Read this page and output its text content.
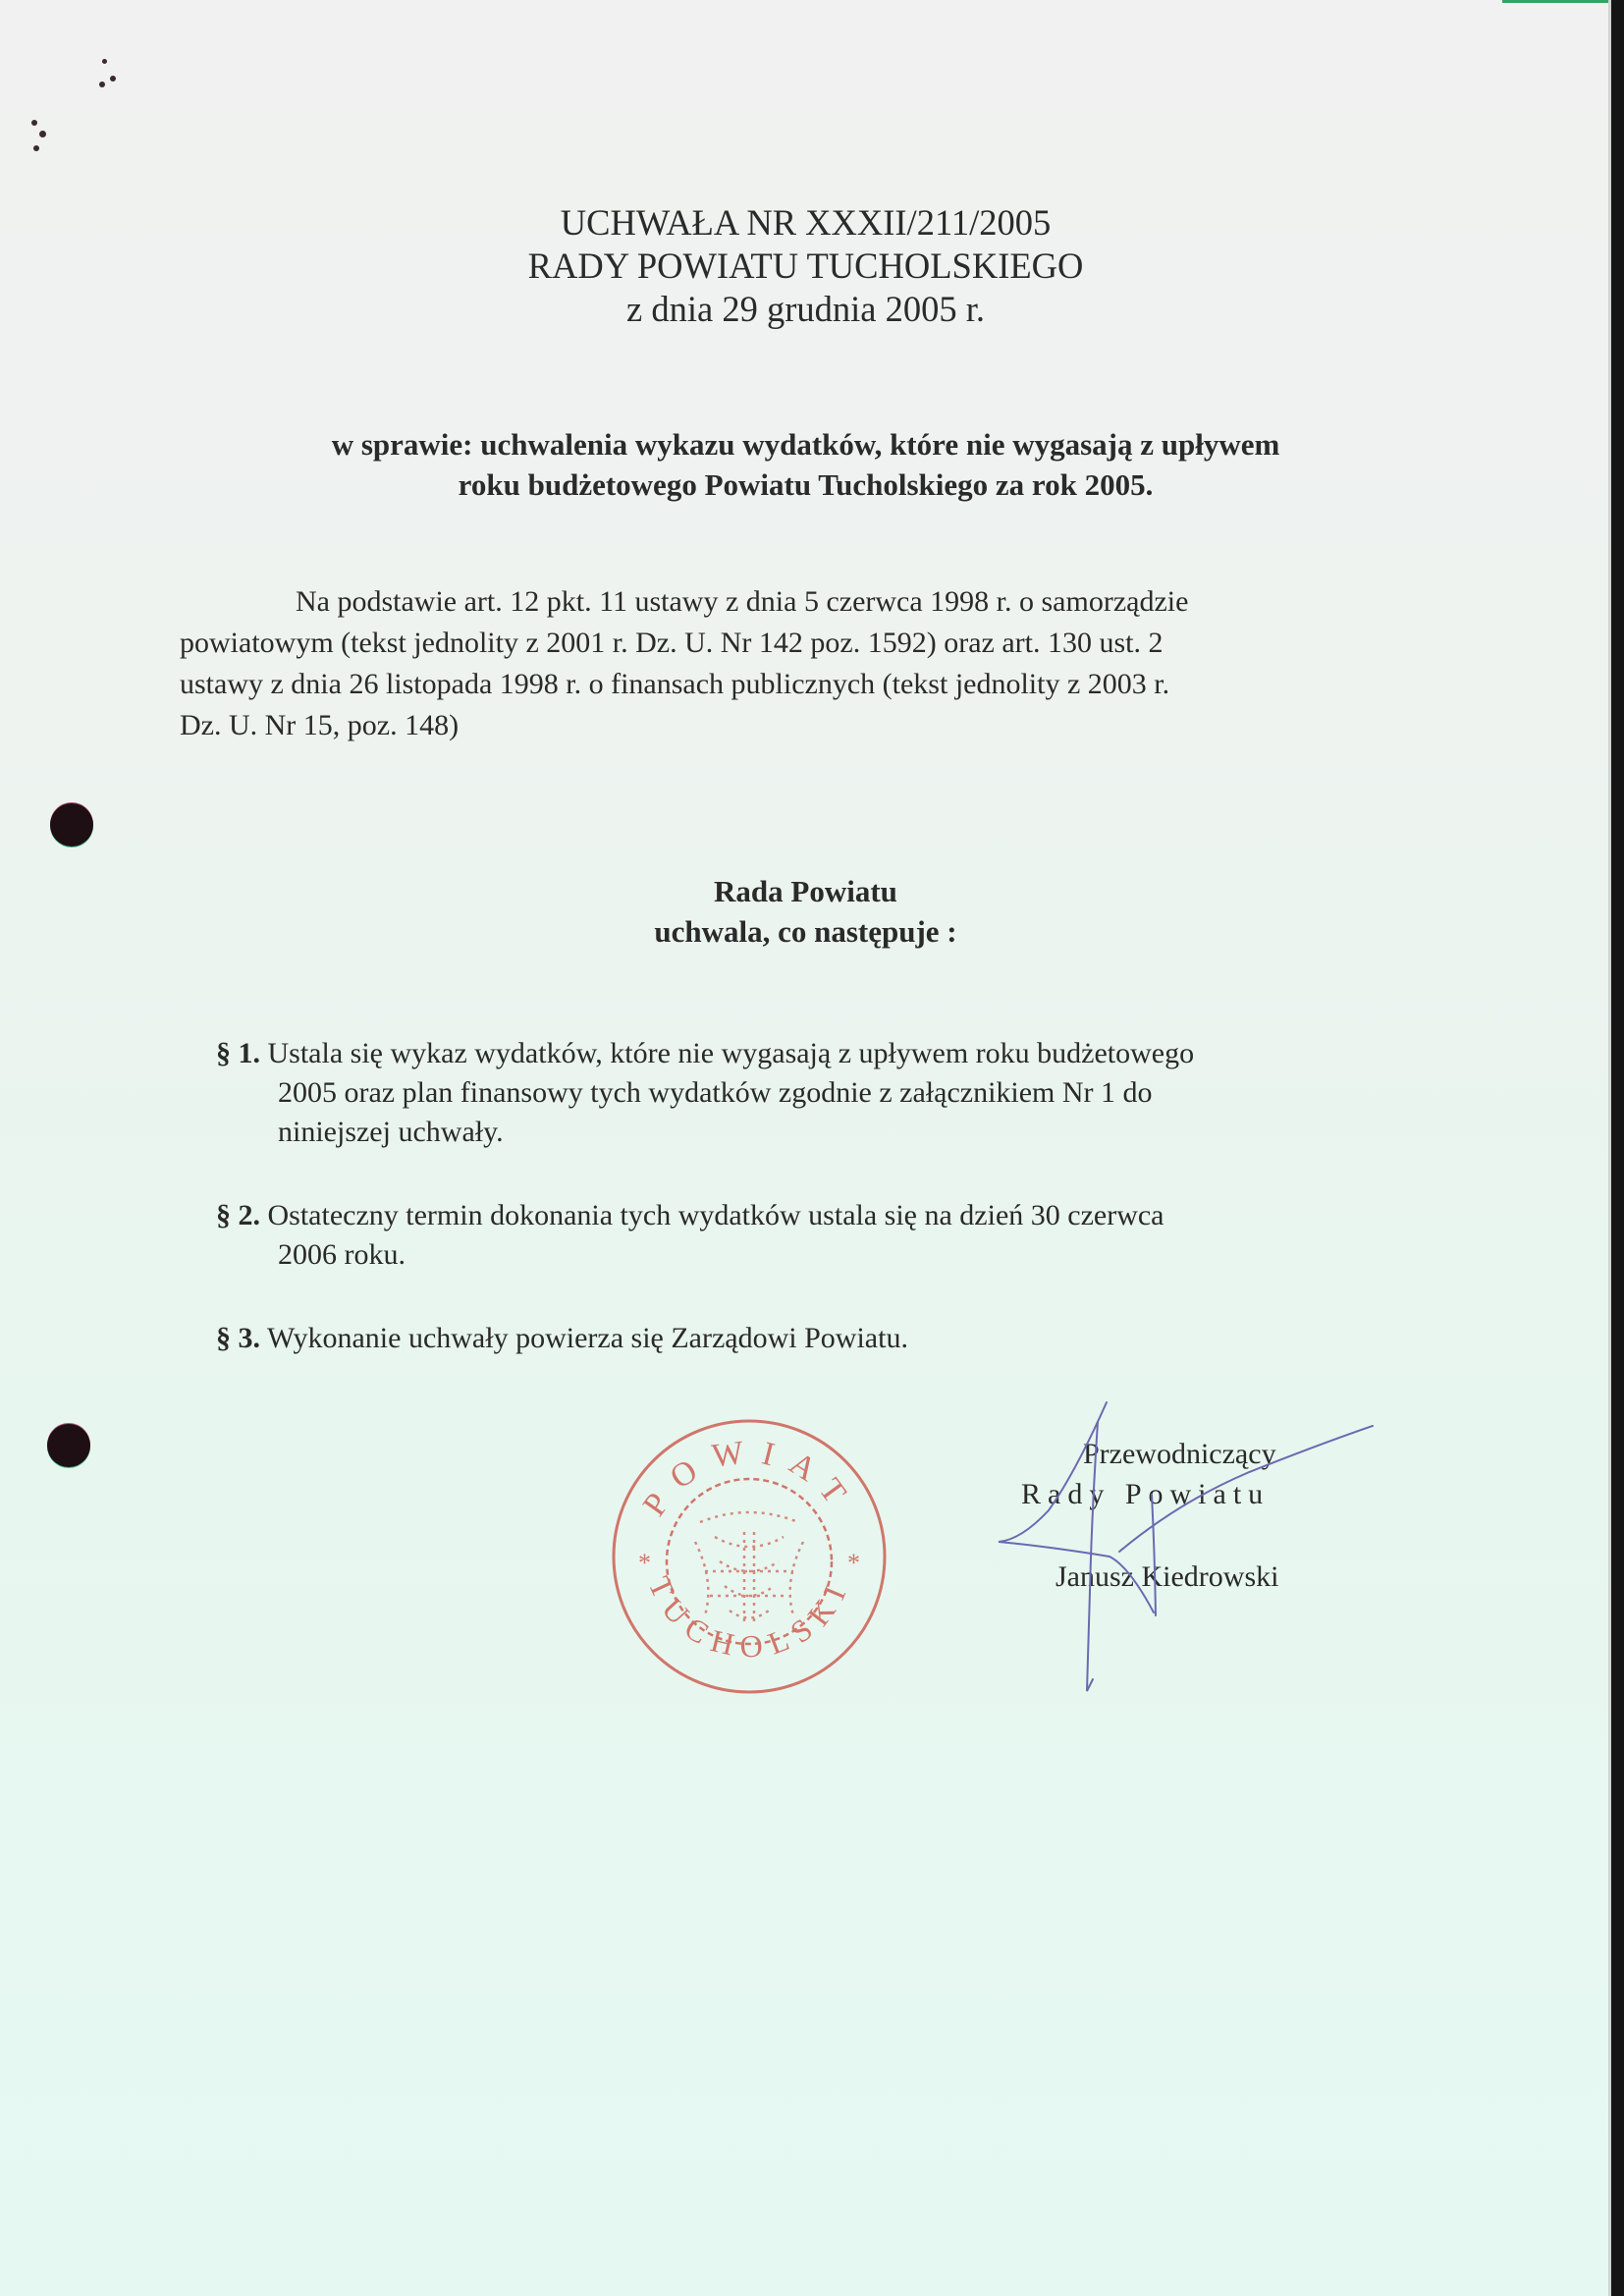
UCHWAŁA NR XXXII/211/2005
RADY POWIATU TUCHOLSKIEGO
z dnia 29 grudnia 2005 r.
w sprawie: uchwalenia wykazu wydatków, które nie wygasają z upływem
roku budżetowego Powiatu Tucholskiego za rok 2005.
Na podstawie art. 12 pkt. 11 ustawy z dnia 5 czerwca 1998 r. o samorządzie
powiatowym (tekst jednolity z 2001 r. Dz. U. Nr 142 poz. 1592) oraz art. 130 ust. 2
ustawy z dnia 26 listopada 1998 r. o finansach publicznych (tekst jednolity z 2003 r.
Dz. U. Nr 15, poz. 148)
Rada Powiatu
uchwala, co następuje :
§ 1. Ustala się wykaz wydatków, które nie wygasają z upływem roku budżetowego
2005 oraz plan finansowy tych wydatków zgodnie z załącznikiem Nr 1 do
niniejszej uchwały.
§ 2. Ostateczny termin dokonania tych wydatków ustala się na dzień 30 czerwca
2006 roku.
§ 3. Wykonanie uchwały powierza się Zarządowi Powiatu.
POWIAT
TUCHOLSKI
*	*
Przewodniczący
Rady Powiatu
Janusz Kiedrowski
